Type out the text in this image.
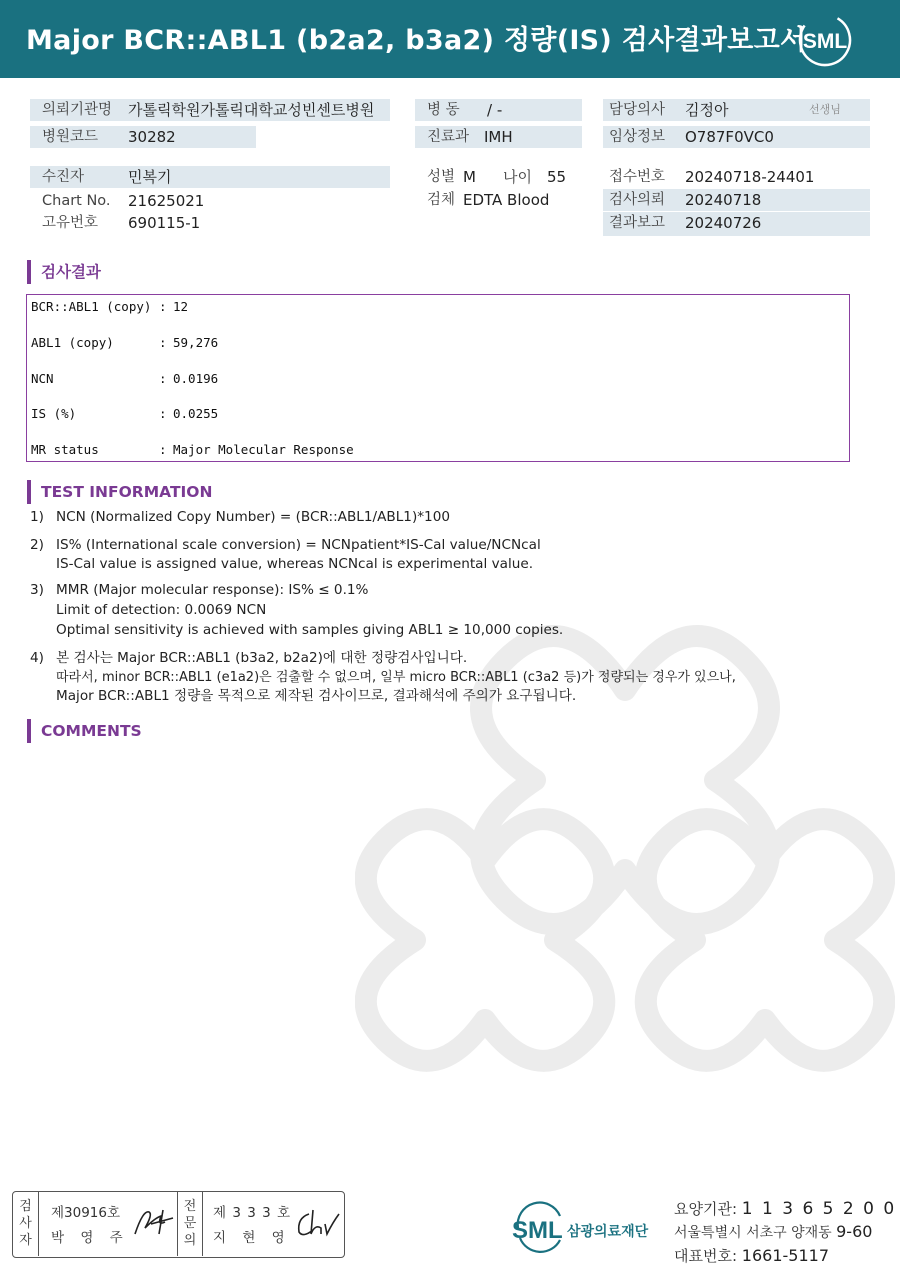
Major BCR::ABL1 (b2a2, b3a2) 정량(IS) 검사결과보고서
SML
의뢰기관명 가톨릭학원가톨릭대학교성빈센트병원
병원코드 30282
병 동 / -
진료과 IMH
담당의사 김정아	선생님
임상정보 O787F0VC0
수진자	민복기
Chart No. 21625021
고유번호 690115-1
성별 M 나이 55
검체 EDTA Blood
접수번호 20240718-24401
검사의뢰 20240718
결과보고 20240726
검사결과
BCR::ABL1 (copy) : 12
ABL1 (copy)	: 59,276
NCN	: 0.0196
IS (%)	: 0.0255
MR status	: Major Molecular Response
TEST INFORMATION
1) NCN (Normalized Copy Number) = (BCR::ABL1/ABL1)*100
2) IS% (International scale conversion) = NCNpatient*IS-Cal value/NCNcal
IS-Cal value is assigned value, whereas NCNcal is experimental value.
3) MMR (Major molecular response): IS% ≤ 0.1%
Limit of detection: 0.0069 NCN
Optimal sensitivity is achieved with samples giving ABL1 ≥ 10,000 copies.
4) 본 검사는 Major BCR::ABL1 (b3a2, b2a2)에 대한 정량검사입니다.
따라서, minor BCR::ABL1 (e1a2)은 검출할 수 없으며, 일부 micro BCR::ABL1 (c3a2 등)가 정량되는 경우가 있으나,
Major BCR::ABL1 정량을 목적으로 제작된 검사이므로, 결과해석에 주의가 요구됩니다.
COMMENTS
검
사
자
제30916호
박 영 주
전
문
의
제 3 3 3 호
지 현 영	SML 삼광의료재단
요양기관: 1 1 3 6 5 2 0 0
서울특별시 서초구 양재동 9-60
대표번호: 1661-5117
